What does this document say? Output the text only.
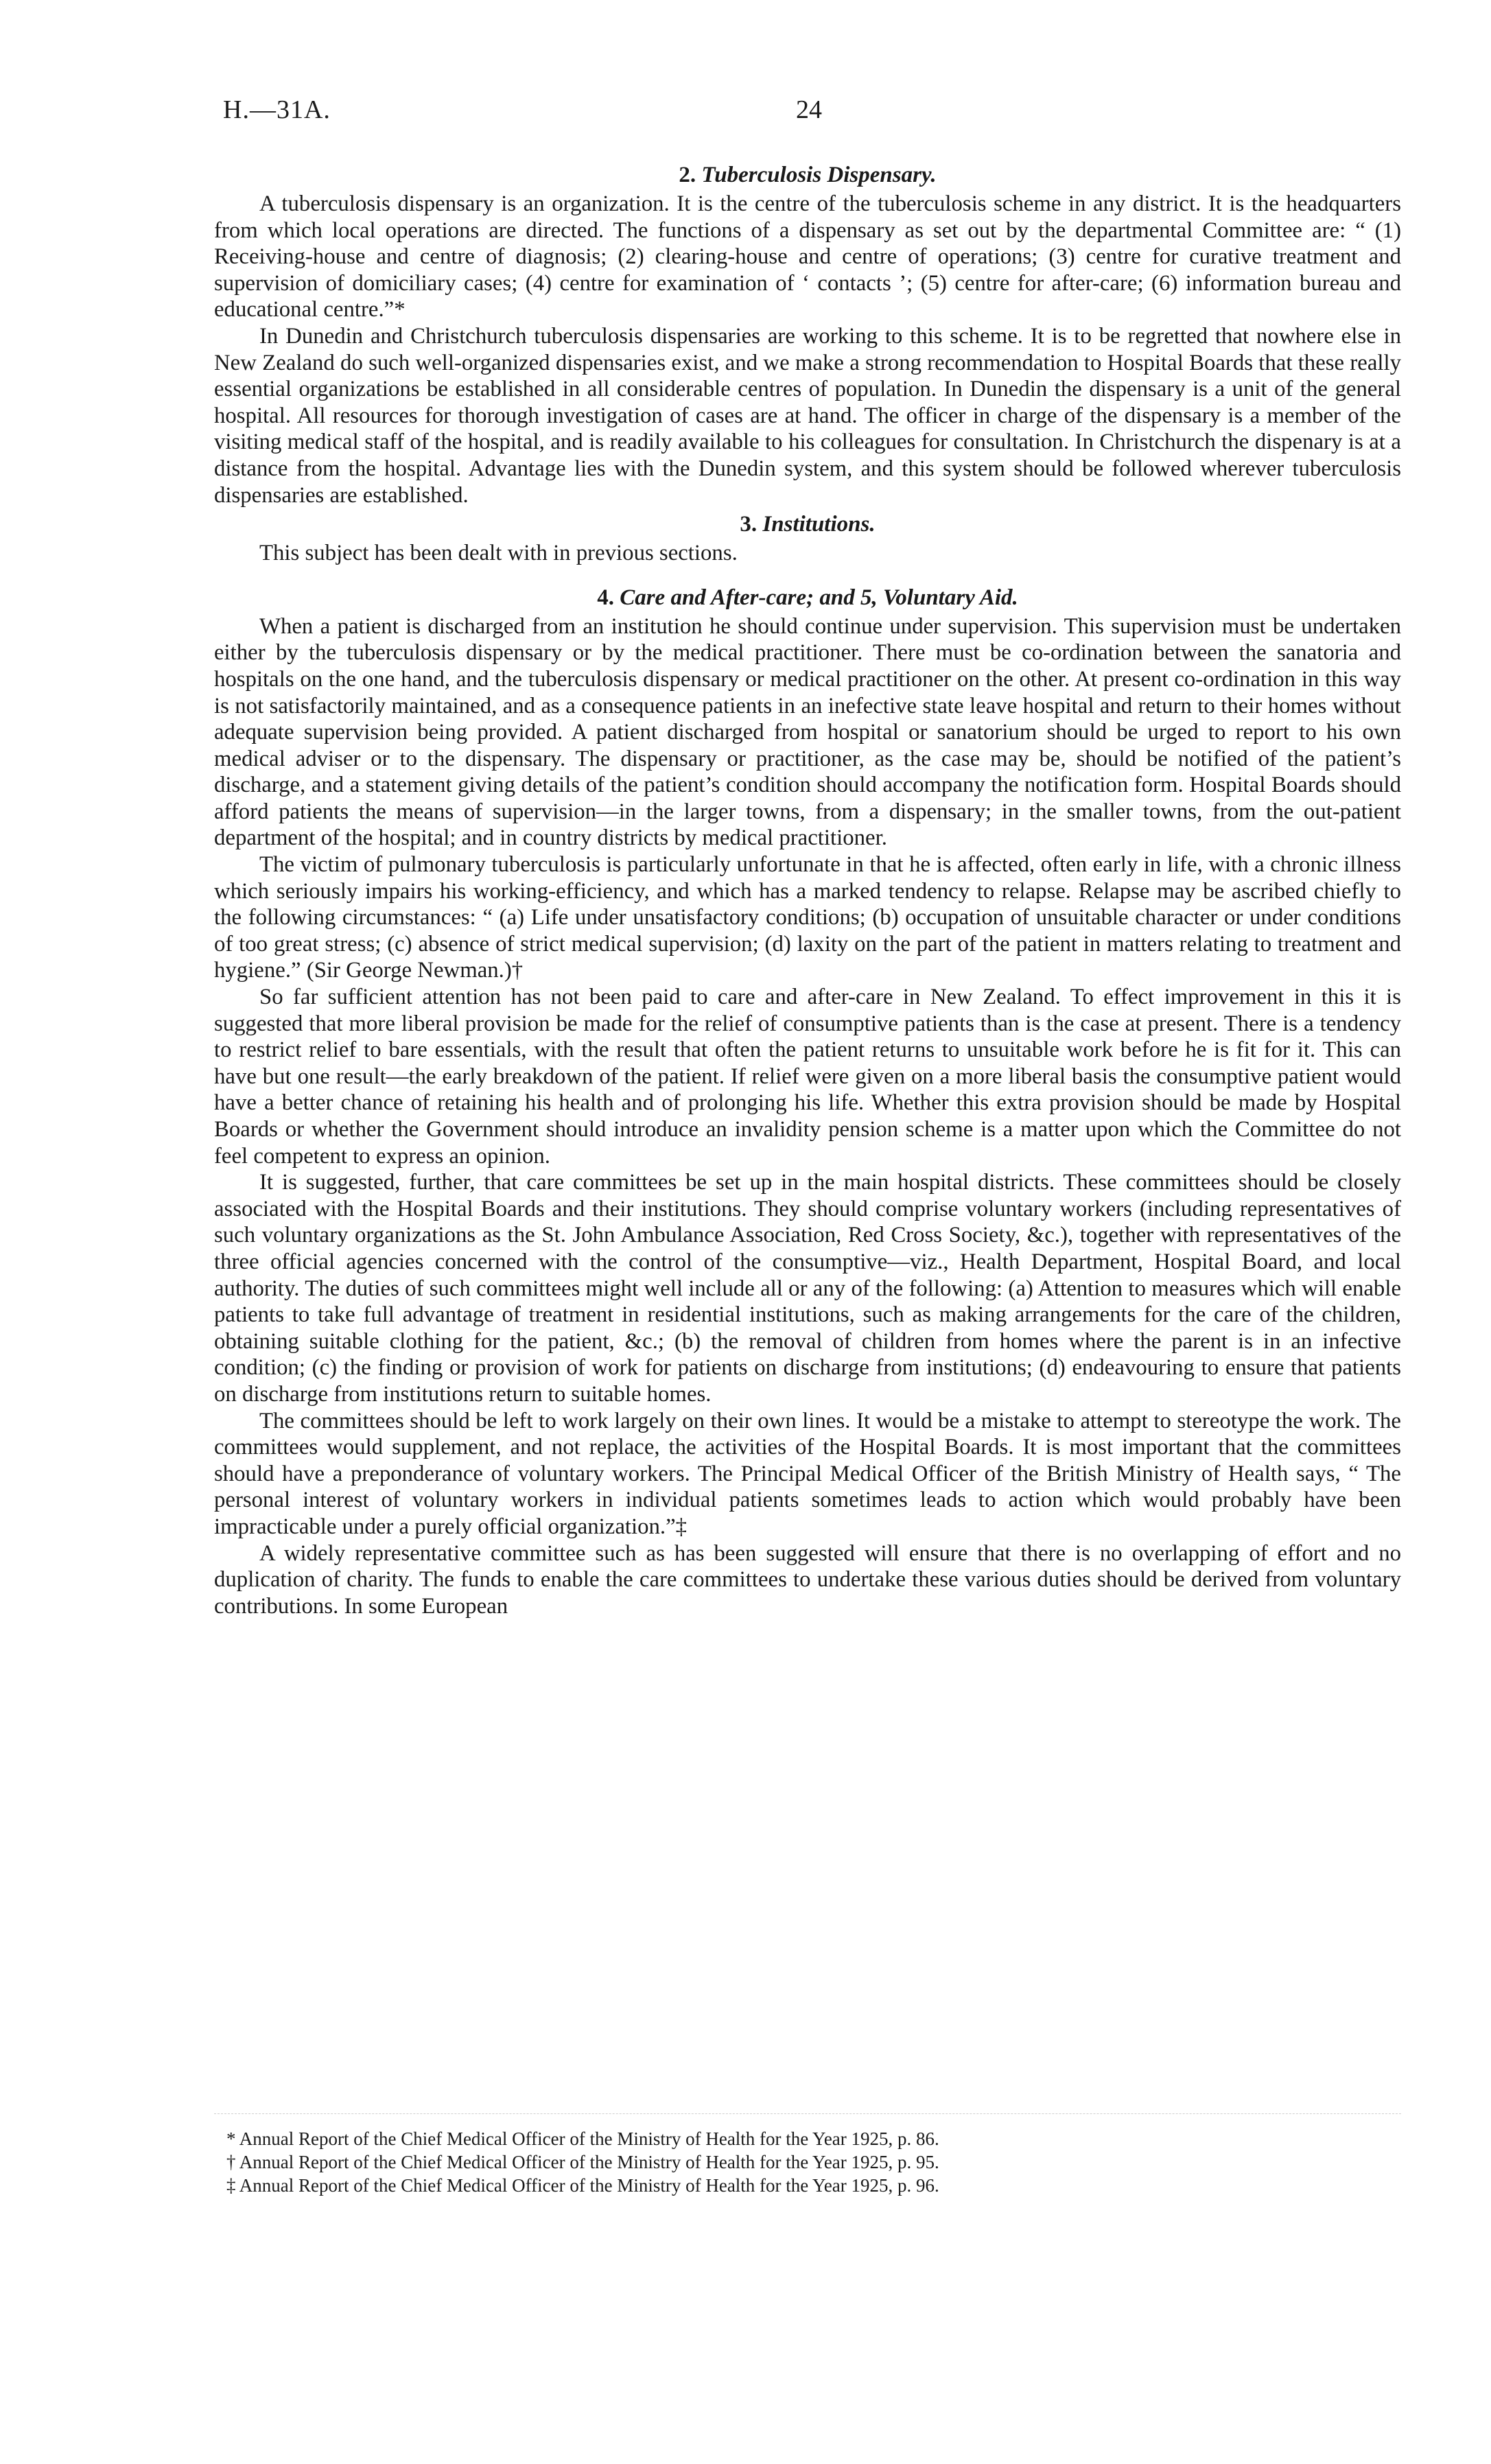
H.—31A.	24
2. Tuberculosis Dispensary.

A tuberculosis dispensary is an organization. It is the centre of the tuberculosis scheme in any district. It is the headquarters from which local operations are directed. The functions of a dispensary as set out by the departmental Committee are: “ (1) Receiving-house and centre of diagnosis; (2) clearing-house and centre of operations; (3) centre for curative treatment and supervision of domiciliary cases; (4) centre for examination of ‘ contacts ’; (5) centre for after-care; (6) information bureau and educational centre.”*

In Dunedin and Christchurch tuberculosis dispensaries are working to this scheme. It is to be regretted that nowhere else in New Zealand do such well-organized dispensaries exist, and we make a strong recommendation to Hospital Boards that these really essential organizations be established in all considerable centres of population. In Dunedin the dispensary is a unit of the general hospital. All resources for thorough investigation of cases are at hand. The officer in charge of the dispensary is a member of the visiting medical staff of the hospital, and is readily available to his colleagues for consultation. In Christchurch the dispenary is at a distance from the hospital. Advantage lies with the Dunedin system, and this system should be followed wherever tuberculosis dispensaries are established.

3. Institutions.

This subject has been dealt with in previous sections.

4. Care and After-care; and 5, Voluntary Aid.

When a patient is discharged from an institution he should continue under supervision. This supervision must be undertaken either by the tuberculosis dispensary or by the medical practitioner. There must be co-ordination between the sanatoria and hospitals on the one hand, and the tuberculosis dispensary or medical practitioner on the other. At present co-ordination in this way is not satisfactorily maintained, and as a consequence patients in an inefective state leave hospital and return to their homes without adequate supervision being provided. A patient discharged from hospital or sanatorium should be urged to report to his own medical adviser or to the dispensary. The dispensary or practitioner, as the case may be, should be notified of the patient’s discharge, and a statement giving details of the patient’s condition should accompany the notification form. Hospital Boards should afford patients the means of supervision—in the larger towns, from a dispensary; in the smaller towns, from the out-patient department of the hospital; and in country districts by medical practitioner.

The victim of pulmonary tuberculosis is particularly unfortunate in that he is affected, often early in life, with a chronic illness which seriously impairs his working-efficiency, and which has a marked tendency to relapse. Relapse may be ascribed chiefly to the following circumstances: “ (a) Life under unsatisfactory conditions; (b) occupation of unsuitable character or under conditions of too great stress; (c) absence of strict medical supervision; (d) laxity on the part of the patient in matters relating to treatment and hygiene.” (Sir George Newman.)†

So far sufficient attention has not been paid to care and after-care in New Zealand. To effect improvement in this it is suggested that more liberal provision be made for the relief of consumptive patients than is the case at present. There is a tendency to restrict relief to bare essentials, with the result that often the patient returns to unsuitable work before he is fit for it. This can have but one result—the early breakdown of the patient. If relief were given on a more liberal basis the consumptive patient would have a better chance of retaining his health and of prolonging his life. Whether this extra provision should be made by Hospital Boards or whether the Government should introduce an invalidity pension scheme is a matter upon which the Committee do not feel competent to express an opinion.

It is suggested, further, that care committees be set up in the main hospital districts. These committees should be closely associated with the Hospital Boards and their institutions. They should comprise voluntary workers (including representatives of such voluntary organizations as the St. John Ambulance Association, Red Cross Society, &c.), together with representatives of the three official agencies concerned with the control of the consumptive—viz., Health Department, Hospital Board, and local authority. The duties of such committees might well include all or any of the following: (a) Attention to measures which will enable patients to take full advantage of treatment in residential institutions, such as making arrangements for the care of the children, obtaining suitable clothing for the patient, &c.; (b) the removal of children from homes where the parent is in an infective condition; (c) the finding or provision of work for patients on discharge from institutions; (d) endeavouring to ensure that patients on discharge from institutions return to suitable homes.

The committees should be left to work largely on their own lines. It would be a mistake to attempt to stereotype the work. The committees would supplement, and not replace, the activities of the Hospital Boards. It is most important that the committees should have a preponderance of voluntary workers. The Principal Medical Officer of the British Ministry of Health says, “ The personal interest of voluntary workers in individual patients sometimes leads to action which would probably have been impracticable under a purely official organization.”‡

A widely representative committee such as has been suggested will ensure that there is no overlapping of effort and no duplication of charity. The funds to enable the care committees to undertake these various duties should be derived from voluntary contributions. In some European

* Annual Report of the Chief Medical Officer of the Ministry of Health for the Year 1925, p. 86.

† Annual Report of the Chief Medical Officer of the Ministry of Health for the Year 1925, p. 95.

‡ Annual Report of the Chief Medical Officer of the Ministry of Health for the Year 1925, p. 96.
